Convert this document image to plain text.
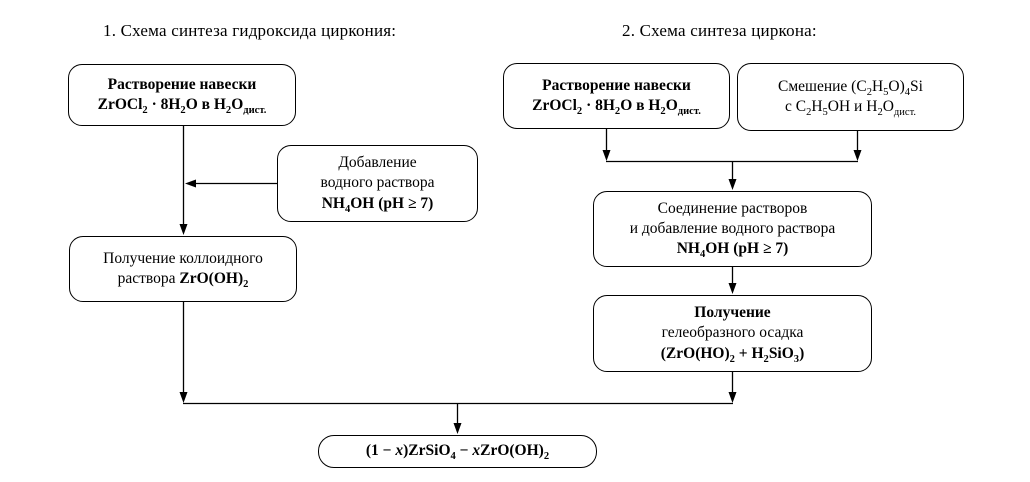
1. Схема синтеза гидроксида циркония:	2. Схема синтеза циркона:
Растворение навески
ZrOCl$_2$ · $8H_2O$ в $H_2O_{дист.}$
Добавление
водного раствора
$NH_4OH$ (pH ≥ 7)
Получение коллоидного
раствора $ZrO(OH)_2$
Растворение навески
ZrOCl$_2$ · $8H_2O$ в $H_2O_{дист.}$
Смешение $(C_2H_5O)_4Si$
с $C_2H_5OH$ и $H_2O_{дист.}$
Соединение растворов
и добавление водного раствора
$NH_4OH$ (pH ≥ 7)
Получение
гелеобразного осадка
$(ZrO(HO)_2 + H_2SiO_3)$
(1 − x)ZrSiO$_4$ − $xZrO(OH)_2$
